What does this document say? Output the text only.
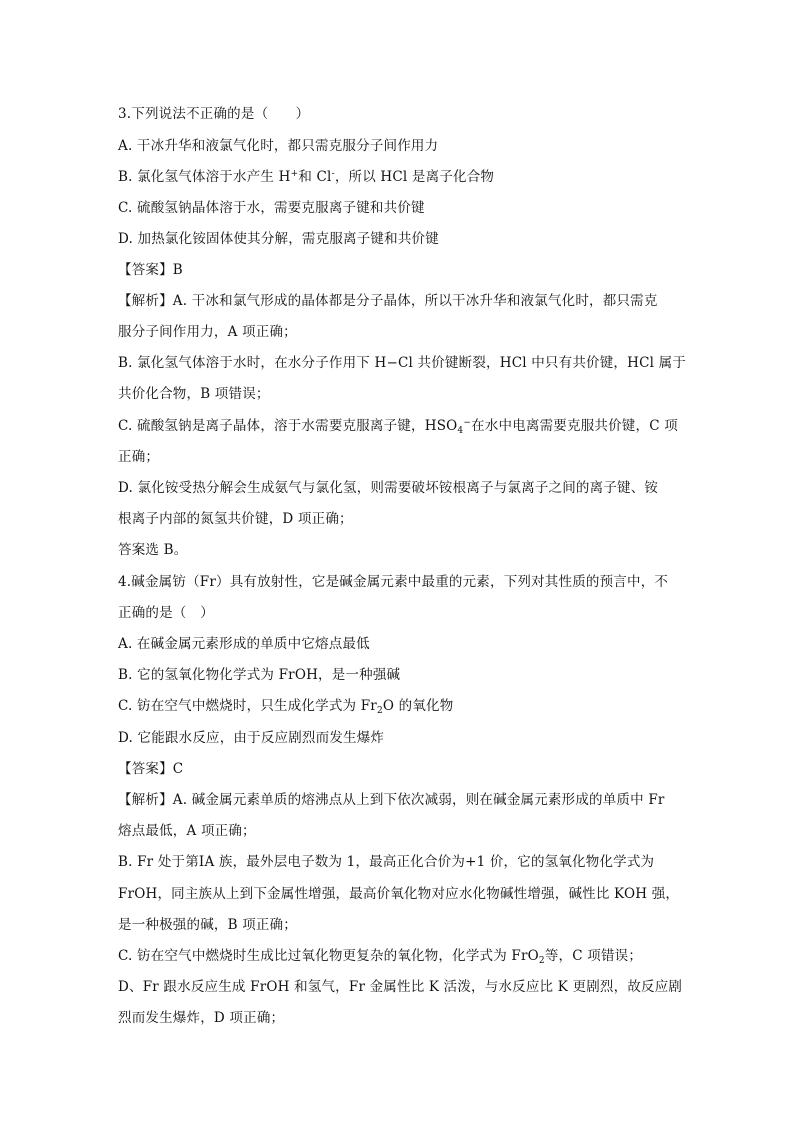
3.下列说法不正确的是（　　）
A. 干冰升华和液氯气化时，都只需克服分子间作用力
B. 氯化氢气体溶于水产生 H+和 Cl-，所以 HCl 是离子化合物
C. 硫酸氢钠晶体溶于水，需要克服离子键和共价键
D. 加热氯化铵固体使其分解，需克服离子键和共价键
【答案】B
【解析】A. 干冰和氯气形成的晶体都是分子晶体，所以干冰升华和液氯气化时，都只需克
服分子间作用力，A 项正确；
B. 氯化氢气体溶于水时，在水分子作用下 H−Cl 共价键断裂，HCl 中只有共价键，HCl 属于
共价化合物，B 项错误；
C. 硫酸氢钠是离子晶体，溶于水需要克服离子键，$HSO_4^-$在水中电离需要克服共价键，C 项
正确；
D. 氯化铵受热分解会生成氨气与氯化氢，则需要破坏铵根离子与氯离子之间的离子键、铵
根离子内部的氮氢共价键，D 项正确；
答案选 B。
4.碱金属钫（Fr）具有放射性，它是碱金属元素中最重的元素，下列对其性质的预言中，不
正确的是（　）
A. 在碱金属元素形成的单质中它熔点最低
B. 它的氢氧化物化学式为 FrOH，是一种强碱
C. 钫在空气中燃烧时，只生成化学式为 $Fr_2O$ 的氧化物
D. 它能跟水反应，由于反应剧烈而发生爆炸
【答案】C
【解析】A. 碱金属元素单质的熔沸点从上到下依次减弱，则在碱金属元素形成的单质中 Fr
熔点最低，A 项正确；
B. Fr 处于第ⅠA 族，最外层电子数为 1，最高正化合价为+1 价，它的氢氧化物化学式为
FrOH，同主族从上到下金属性增强，最高价氧化物对应水化物碱性增强，碱性比 KOH 强，
是一种极强的碱，B 项正确；
C. 钫在空气中燃烧时生成比过氧化物更复杂的氧化物，化学式为 FrO$_2$等，C 项错误；
D、Fr 跟水反应生成 FrOH 和氢气，Fr 金属性比 K 活泼，与水反应比 K 更剧烈，故反应剧
烈而发生爆炸，D 项正确；
